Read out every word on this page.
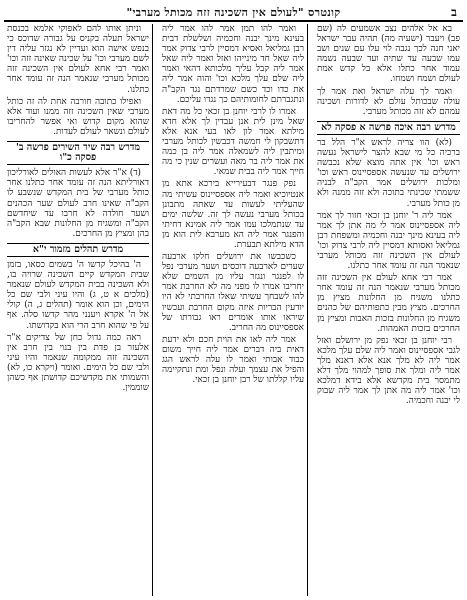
ב
קונטרס "לעולם אין השכינה זזה מכותל מערבי"

בא אל אלהים נצב אשמעים לה (שם פב) ויעבר (ישעיה מה) תהיה עבר ישראל יאני חנה לכך נגבה לוי עלו עם שנים ושב עמו שבעה עד שתיה ועד שבעה נשמה עמוד אחר כתלו אלא בל קדש אמת לעולם ושמח ושמחו.

ואמר לך עלה ישראל ואת אמר לך עולה שבכותל עולם לא לדורות ושכינה עמהם לא זזה מכותל מערבי.

מדרש רבה איכה פרשה א פסקה לא

(לא) הוו צריה לראש א"ר הלל בר ברכיה כל מי שבא להצר לישראל נעשה ראש וכו' אין אתה מוצא שלא נכבשה ירושלים עד שנעשה אספסיינוס ראש וכו' ומלכות ירושלים אמר הקב"ה לבניה ששמתי שכינתי בתוכה ולא זזה ממנה ולא מן כותל מערבי.

אמר ליה ר' יוחנן בן זכאי חזור לך אמר ליה אספסיינוס אמר לי מה אתן לך אמר ליה בעינא מינך יבנה וחכמיה ומשפחת רבן גמליאל ואסותא דמסיין ליה לרבי צדוק וכו' לעולם אין השכינה זזה מכותל מערבי שנאמר הנה זה עומד אחר כתלנו.

אמר רבי אחא לעולם אין השכינה זזה מכותל מערבי שנאמר הנה זה עומד אחר כתלנו משגיח מן החלונות מציץ מן החרכים. מציץ מבין כתפותיהם של כהנים משגיח מן החלונות בזכות האבות ומציץ מן החרכים בזכות האמהות.

רבי יוחנן בן זכאי נפק מן ירושלם ואזל לגבי אספסיינוס ואמר ליה שלם עלך מלכא אמר ליה לא מלך אנא אלא דאנא מלך אמר ליה ומלך את סופך למהוי מלך דלא מתמסר בית מקדשא אלא בידא דמלכא וכו' אמר ליה מה אתן לך אמר ליה שבוק לי יבנה וחכמיה.

ואמר להו תמן אמר להו אמר ליה בעינא מינך יבנה וחכמיה ושלשלת דבית רבן גמליאל ואסיא דמסיין לרבי צדוק אמר ליה שאל חד מינייהו ואזל ואמר ליה שאל אמר ליה קבל עליך מלכותא דהאי ואמר ליה שלם עלך מלכא וכו' והוה אמר ליה את כדו וכד כשם שמרדתם נגד הקב"ה ונתגברתם לחומותיהם כך נגדו עליכם.

אמרו לו לרבי יוחנן בן זכאי כל מה דאת שאל מינן לית אנן עבדין לך אלא חדא מילתא אמר לון לאו בעי אנא אלא דתשבקון לי חמשה דכבשין לכותל מערבי ומיתבין ליה לשמאלה אמר ליה בן כמה את אמר ליה בר מאה ועשרים שנין כי מה חייך אמר ליה בבית שמאי.

נפק פנגר דבעירייא בירכא אתא מן אנטיוכיא ואמר ליה אספסיינוס עשיתי מה שהעליתי לעשות עד שאתה מתבונן בכותל מערבי נעשה לך זה. שלשה ימים עד שנתמלכו עמו אמר ליה אמינא דחיתי והפנגר אמר ליה הא מערבא לית הוא מן הדא מילתא תבערת.

כשכבשו את ירושלים חלקו ארבעה שערים לארבעה דוכסים ושער מערבי נפל לו לפנגר ונגזר עליו מן השמים שלא יחריבו אמרו לו מפני מה לא החרבת אמר להו לשבחך עשיתי שאלו החרבתי לא היו יודעין הבריות איזה מקום החרבת ועכשיו שיראו אותו אומרים ראו גבורתו של אספסיינוס מה החריב.

אמר ליה לאו את הוית חכם ולא ידעת דאית ביה דברים אמר ליה חייך משום כבוד אבותי ואמר לו עלה לראש הגג והפיל את עצמך ועלה ונפל ומת ונתקיימה עליו קללתו של רבן יוחנן בן זכאי.

וניתן אותו להם לאפוקי אלמא בכנסת ישראל תעלה בקניס על גבורה שדוכס כי בנפש אישה הוא ועדיין לא נגזר עליה דין לשם מערבי וכו' על שכינה שאינה זזה וכו' ואמר רבי אחא לעולם אין השכינה זזה מכותל מערבי שנאמר הנה זה עומד אחר כתלנו.

ואפילו כתובה חורבה אחת לה זה כותל מערבי שאין השכינה זזה ממנו ועוד אלא שהוא מקום קדוש ואי אפשר להחריבו לעולם ונשאר לעולם לעדות.

מדרש רבה שיר השירים פרשה ב' פסקה כ"ו

(ד) א"ר אלא לעשות האולים לאורליכון דאורליתא הנה זה עומד אחר כתלנו אחר כותל מערבי של בית המקדש שנשבע לו הקב"ה שאינו חרב לעולם שער הכהנים ושער חולדה לא חרבו עד שיחדשם הקב"ה ומשגיח מן החלונות שבא הקב"ה בהן ומציץ מן החרכים.

מדרש תהלים מזמור י"א

ה' בהיכל קדשו ה' בשמים כסאו, בזמן שבית המקדש קיים השכינה שרויה בו, ולא השכינה בבית המקדש לעולם שנאמר (מלכים א ט, ג) והיו עיני ולבי שם כל הימים, וכן הוא אומר (תהלים ג, ה) קולי אל ה' אקרא ויענני מהר קדשו סלה. אף על פי שהוא חרב הרי הוא בקדושתו.

ראה כמה גדול כחן של צדיקים א"ר אלעזר בן פדת בין בנוי בין חרב אין השכינה זזה ממקומה שנאמר והיו עיני ולבי שם כל הימים. ואומר (ויקרא כו, לא) והשמותי את מקדשיכם קדושתן אף כשהן שוממין.
